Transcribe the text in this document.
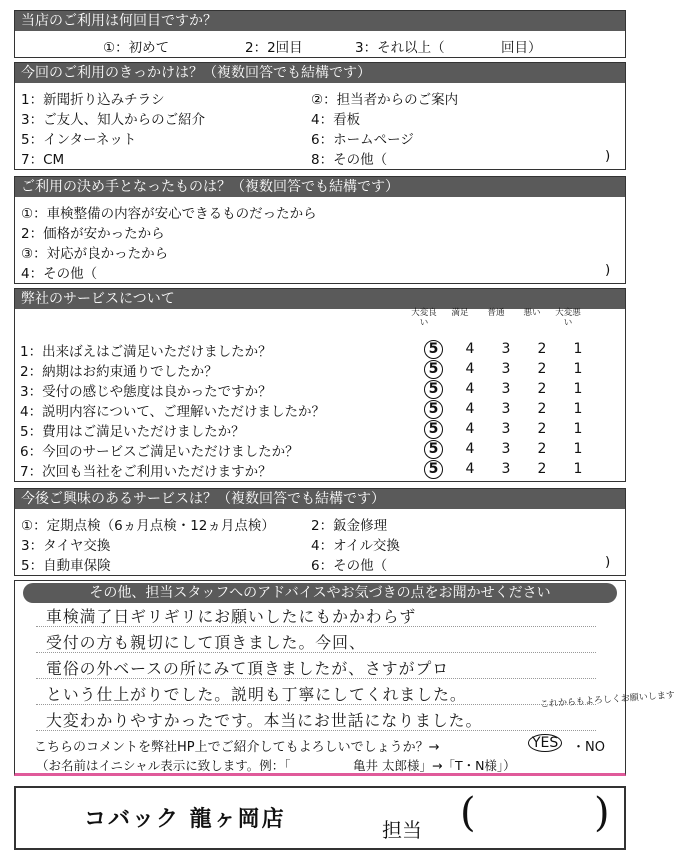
当店のご利用は何回目ですか？
①：初めて	2：2回目	3：それ以上（	回目）
今回のご利用のきっかけは？（複数回答でも結構です）
1：新聞折り込みチラシ	②：担当者からのご案内
3：ご友人、知人からのご紹介	4：看板
5：インターネット	6：ホームページ
7：CM	8：その他（	)
ご利用の決め手となったものは？（複数回答でも結構です）
①：車検整備の内容が安心できるものだったから
2：価格が安かったから
③：対応が良かったから
4：その他（	)
弊社のサービスについて
大変良い
満足	普通	悪い	大変悪い
1：出来ばえはご満足いただけましたか？	5 4 3 2 1
2：納期はお約束通りでしたか？	5 4 3 2 1
3：受付の感じや態度は良かったですか？	5 4 3 2 1
4：説明内容について、ご理解いただけましたか？	5 4 3 2 1
5：費用はご満足いただけましたか？	5 4 3 2 1
6：今回のサービスご満足いただけましたか？	5 4 3 2 1
7：次回も当社をご利用いただけますか？	5 4 3 2 1
今後ご興味のあるサービスは？（複数回答でも結構です）
①：定期点検（6ヵ月点検・12ヵ月点検）	2：鈑金修理
3：タイヤ交換	4：オイル交換
5：自動車保険	6：その他（	)
その他、担当スタッフへのアドバイスやお気づきの点をお聞かせください
車検満了日ギリギリにお願いしたにもかかわらず
受付の方も親切にして頂きました。今回、
電俗の外ベースの所にみて頂きましたが、さすがプロ
という仕上がりでした。説明も丁寧にしてくれました。
大変わかりやすかったです。本当にお世話になりました。
これからもよろしくお願いします
こちらのコメントを弊社HP上でご紹介してもよろしいでしょうか？→	YES	・NO
（お名前はイニシャル表示に致します。例：「	亀井 太郎様」→「T・N様」）
コバック 龍ヶ岡店	担当 (	)
